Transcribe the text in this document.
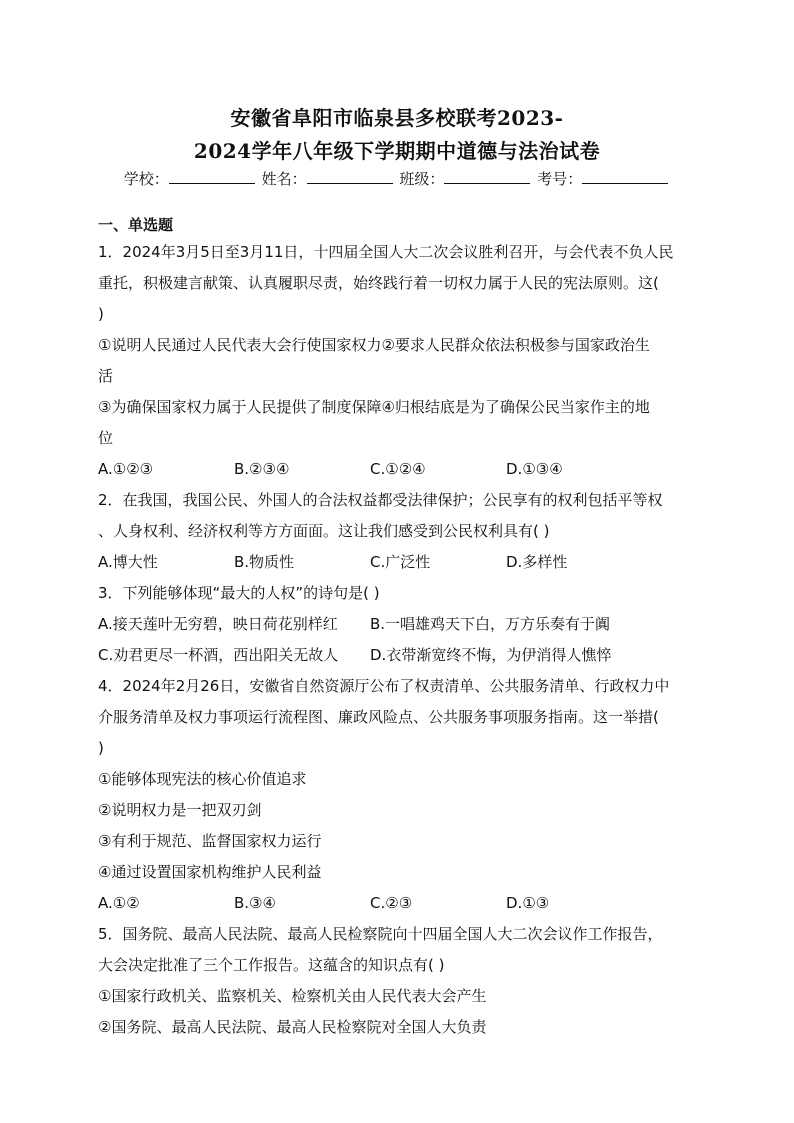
安徽省阜阳市临泉县多校联考2023-
2024学年八年级下学期期中道德与法治试卷
学校：	姓名：	班级：	考号：
一、单选题
1．2024年3月5日至3月11日，十四届全国人大二次会议胜利召开，与会代表不负人民
重托，积极建言献策、认真履职尽责，始终践行着一切权力属于人民的宪法原则。这(
)
①说明人民通过人民代表大会行使国家权力②要求人民群众依法积极参与国家政治生
活
③为确保国家权力属于人民提供了制度保障④归根结底是为了确保公民当家作主的地
位
A.①②③	B.②③④	C.①②④	D.①③④
2．在我国，我国公民、外国人的合法权益都受法律保护；公民享有的权利包括平等权
、人身权利、经济权利等方方面面。这让我们感受到公民权利具有( )
A.博大性	B.物质性	C.广泛性	D.多样性
3．下列能够体现“最大的人权”的诗句是( )
A.接天莲叶无穷碧，映日荷花别样红	B.一唱雄鸡天下白，万方乐奏有于阗
C.劝君更尽一杯酒，西出阳关无故人	D.衣带渐宽终不悔，为伊消得人憔悴
4．2024年2月26日，安徽省自然资源厅公布了权责清单、公共服务清单、行政权力中
介服务清单及权力事项运行流程图、廉政风险点、公共服务事项服务指南。这一举措(
)
①能够体现宪法的核心价值追求
②说明权力是一把双刃剑
③有利于规范、监督国家权力运行
④通过设置国家机构维护人民利益
A.①②	B.③④	C.②③	D.①③
5．国务院、最高人民法院、最高人民检察院向十四届全国人大二次会议作工作报告，
大会决定批准了三个工作报告。这蕴含的知识点有( )
①国家行政机关、监察机关、检察机关由人民代表大会产生
②国务院、最高人民法院、最高人民检察院对全国人大负责
